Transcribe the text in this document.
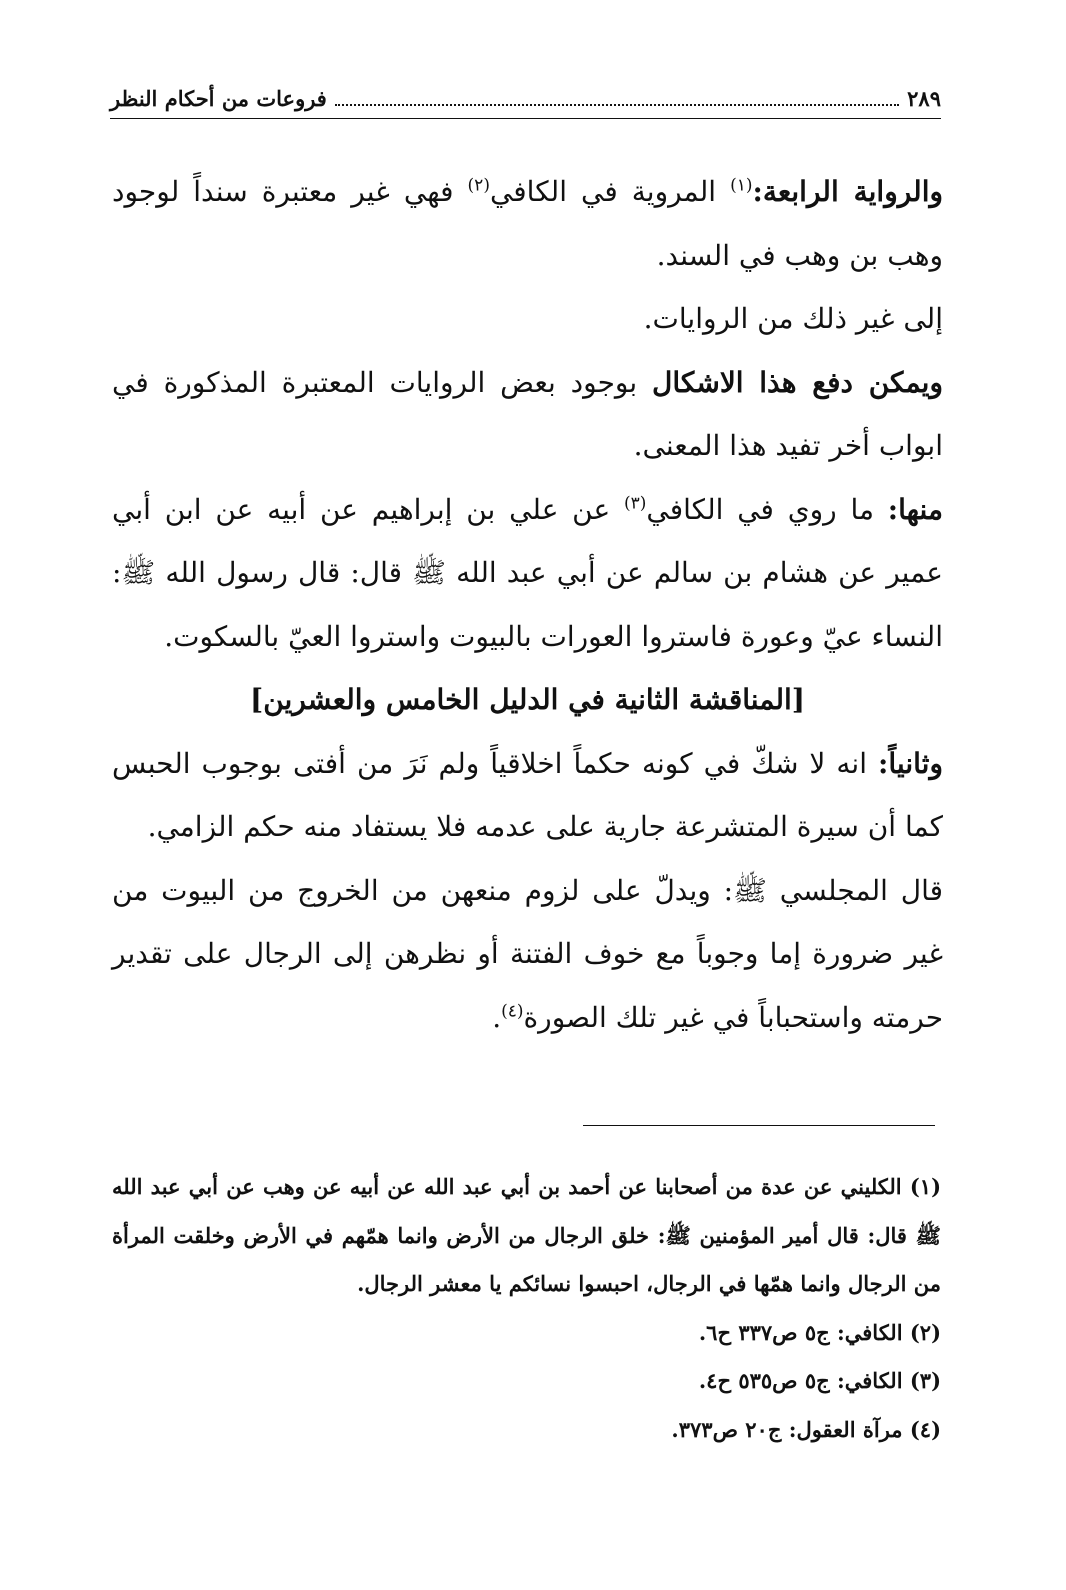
٢٨٩
فروعات من أحكام النظر

والرواية الرابعة:$^{(١)}$ المروية في الكافي$^{(٢)}$ فهي غير معتبرة سنداً لوجود وهب بن وهب في السند.

إلى غير ذلك من الروايات.

ويمكن دفع هذا الاشكال بوجود بعض الروايات المعتبرة المذكورة في ابواب أخر تفيد هذا المعنى.

منها: ما روي في الكافي$^{(٣)}$ عن علي بن إبراهيم عن أبيه عن ابن أبي عمير عن هشام بن سالم عن أبي عبد الله ﷺ قال: قال رسول الله ﷺ: النساء عيّ وعورة فاستروا العورات بالبيوت واستروا العيّ بالسكوت.

[المناقشة الثانية في الدليل الخامس والعشرين]

وثانياً: انه لا شكّ في كونه حكماً اخلاقياً ولم نَرَ من أفتى بوجوب الحبس كما أن سيرة المتشرعة جارية على عدمه فلا يستفاد منه حكم الزامي.

قال المجلسي ﷺ: ويدلّ على لزوم منعهن من الخروج من البيوت من غير ضرورة إما وجوباً مع خوف الفتنة أو نظرهن إلى الرجال على تقدير حرمته واستحباباً في غير تلك الصورة$^{(٤)}$.

(١) الكليني عن عدة من أصحابنا عن أحمد بن أبي عبد الله عن أبيه عن وهب عن أبي عبد الله ﷺ قال: قال أمير المؤمنين ﷺ: خلق الرجال من الأرض وانما همّهم في الأرض وخلقت المرأة من الرجال وانما همّها في الرجال، احبسوا نسائكم يا معشر الرجال.

(٢) الكافي: ج٥ ص٣٣٧ ح٦.

(٣) الكافي: ج٥ ص٥٣٥ ح٤.

(٤) مرآة العقول: ج٢٠ ص٣٧٣.
